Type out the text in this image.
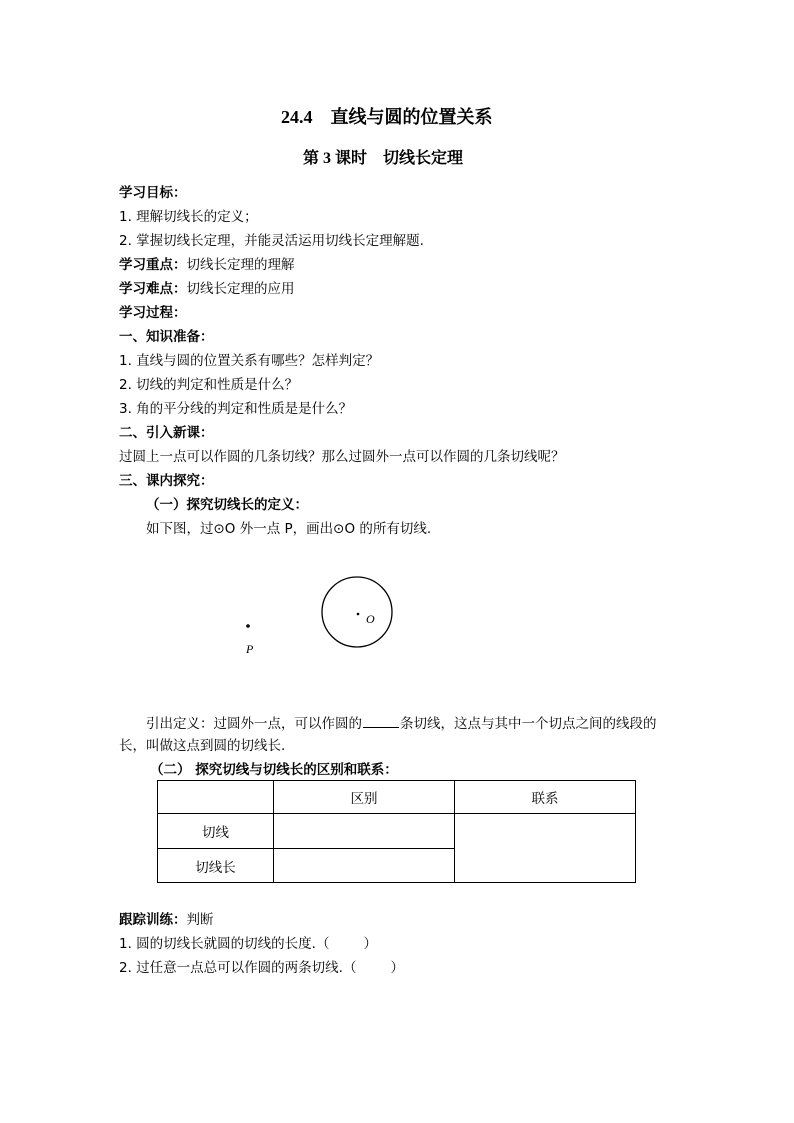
24.4　直线与圆的位置关系
第 3 课时　切线长定理
学习目标：
1. 理解切线长的定义；
2. 掌握切线长定理，并能灵活运用切线长定理解题.
学习重点：切线长定理的理解
学习难点：切线长定理的应用
学习过程：
一、知识准备：
1. 直线与圆的位置关系有哪些？怎样判定？
2. 切线的判定和性质是什么？
3. 角的平分线的判定和性质是是什么？
二、引入新课：
过圆上一点可以作圆的几条切线？那么过圆外一点可以作圆的几条切线呢？
三、课内探究：
（一）探究切线长的定义：
如下图，过⊙O 外一点 P，画出⊙O 的所有切线.
O
P
引出定义：过圆外一点，可以作圆的	条切线，这点与其中一个切点之间的线段的
长，叫做这点到圆的切线长.
（二） 探究切线与切线长的区别和联系：
	区别	联系
切线		
切线长		
跟踪训练：判断
1. 圆的切线长就圆的切线的长度.（	）
2. 过任意一点总可以作圆的两条切线.（	）
